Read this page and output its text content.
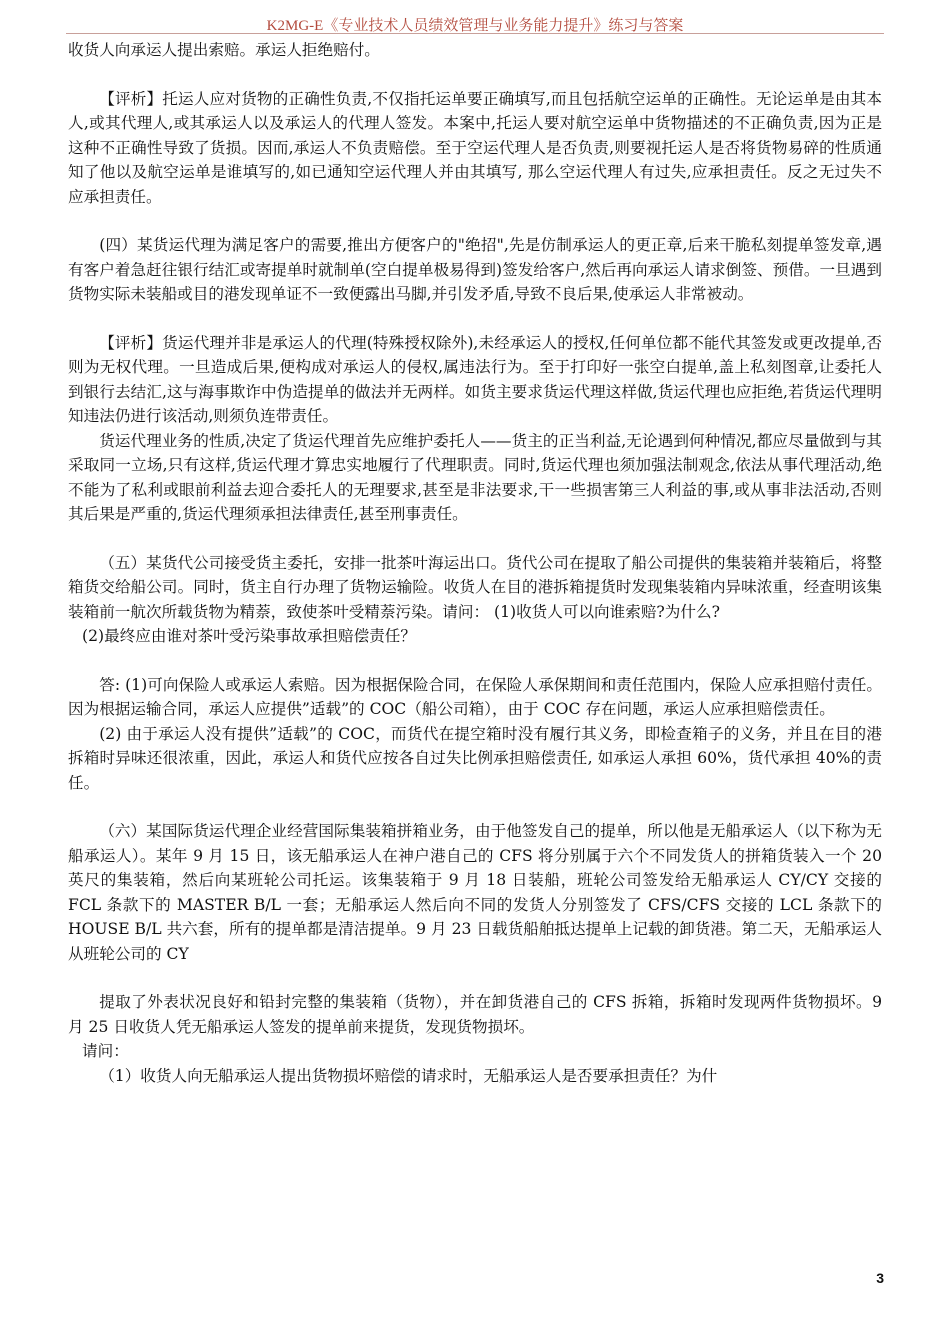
K2MG-E《专业技术人员绩效管理与业务能力提升》练习与答案

收货人向承运人提出索赔。承运人拒绝赔付。

【评析】托运人应对货物的正确性负责,不仅指托运单要正确填写,而且包括航空运单的正确性。无论运单是由其本人,或其代理人,或其承运人以及承运人的代理人签发。本案中,托运人要对航空运单中货物描述的不正确负责,因为正是这种不正确性导致了货损。因而,承运人不负责赔偿。至于空运代理人是否负责,则要视托运人是否将货物易碎的性质通知了他以及航空运单是谁填写的,如已通知空运代理人并由其填写, 那么空运代理人有过失,应承担责任。反之无过失不应承担责任。

(四）某货运代理为满足客户的需要,推出方便客户的"绝招",先是仿制承运人的更正章,后来干脆私刻提单签发章,遇有客户着急赶往银行结汇或寄提单时就制单(空白提单极易得到)签发给客户,然后再向承运人请求倒签、预借。一旦遇到货物实际未装船或目的港发现单证不一致便露出马脚,并引发矛盾,导致不良后果,使承运人非常被动。

【评析】货运代理并非是承运人的代理(特殊授权除外),未经承运人的授权,任何单位都不能代其签发或更改提单,否则为无权代理。一旦造成后果,便构成对承运人的侵权,属违法行为。至于打印好一张空白提单,盖上私刻图章,让委托人到银行去结汇,这与海事欺诈中伪造提单的做法并无两样。如货主要求货运代理这样做,货运代理也应拒绝,若货运代理明知违法仍进行该活动,则须负连带责任。

货运代理业务的性质,决定了货运代理首先应维护委托人——货主的正当利益,无论遇到何种情况,都应尽量做到与其采取同一立场,只有这样,货运代理才算忠实地履行了代理职责。同时,货运代理也须加强法制观念,依法从事代理活动,绝不能为了私利或眼前利益去迎合委托人的无理要求,甚至是非法要求,干一些损害第三人利益的事,或从事非法活动,否则其后果是严重的,货运代理须承担法律责任,甚至刑事责任。

（五）某货代公司接受货主委托，安排一批茶叶海运出口。货代公司在提取了船公司提供的集装箱并装箱后，将整箱货交给船公司。同时，货主自行办理了货物运输险。收货人在目的港拆箱提货时发现集装箱内异味浓重，经查明该集装箱前一航次所载货物为精萘，致使茶叶受精萘污染。请问： (1)收货人可以向谁索赔?为什么?

(2)最终应由谁对茶叶受污染事故承担赔偿责任？

答: (1)可向保险人或承运人索赔。因为根据保险合同，在保险人承保期间和责任范围内，保险人应承担赔付责任。因为根据运输合同，承运人应提供”适载”的 COC（船公司箱），由于 COC 存在问题，承运人应承担赔偿责任。

(2) 由于承运人没有提供”适载”的 COC，而货代在提空箱时没有履行其义务，即检查箱子的义务，并且在目的港拆箱时异味还很浓重，因此，承运人和货代应按各自过失比例承担赔偿责任, 如承运人承担 60%，货代承担 40%的责任。

（六）某国际货运代理企业经营国际集装箱拼箱业务，由于他签发自己的提单，所以他是无船承运人（以下称为无船承运人）。某年 9 月 15 日，该无船承运人在神户港自己的 CFS 将分别属于六个不同发货人的拼箱货装入一个 20 英尺的集装箱，然后向某班轮公司托运。该集装箱于 9 月 18 日装船，班轮公司签发给无船承运人 CY/CY 交接的 FCL 条款下的 MASTER B/L 一套；无船承运人然后向不同的发货人分别签发了 CFS/CFS 交接的 LCL 条款下的 HOUSE B/L 共六套，所有的提单都是清洁提单。9 月 23 日载货船舶抵达提单上记载的卸货港。第二天，无船承运人从班轮公司的 CY

提取了外表状况良好和铅封完整的集装箱（货物），并在卸货港自己的 CFS 拆箱，拆箱时发现两件货物损坏。9 月 25 日收货人凭无船承运人签发的提单前来提货，发现货物损坏。

请问：

（1）收货人向无船承运人提出货物损坏赔偿的请求时，无船承运人是否要承担责任？为什

3
